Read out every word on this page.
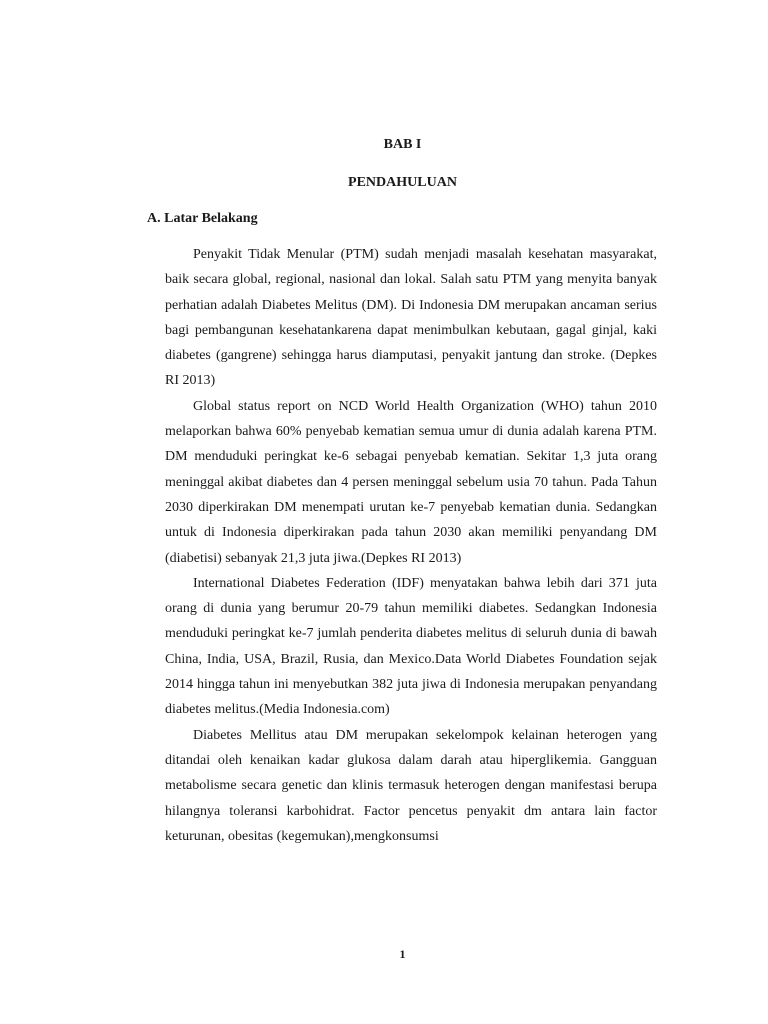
BAB I
PENDAHULUAN
A. Latar Belakang

Penyakit Tidak Menular (PTM) sudah menjadi masalah kesehatan masyarakat, baik secara global, regional, nasional dan lokal. Salah satu PTM yang menyita banyak perhatian adalah Diabetes Melitus (DM). Di Indonesia DM merupakan ancaman serius bagi pembangunan kesehatankarena dapat menimbulkan kebutaan, gagal ginjal, kaki diabetes (gangrene) sehingga harus diamputasi, penyakit jantung dan stroke. (Depkes RI 2013)

Global status report on NCD World Health Organization (WHO) tahun 2010 melaporkan bahwa 60% penyebab kematian semua umur di dunia adalah karena PTM. DM menduduki peringkat ke-6 sebagai penyebab kematian. Sekitar 1,3 juta orang meninggal akibat diabetes dan 4 persen meninggal sebelum usia 70 tahun. Pada Tahun 2030 diperkirakan DM menempati urutan ke-7 penyebab kematian dunia. Sedangkan untuk di Indonesia diperkirakan pada tahun 2030 akan memiliki penyandang DM (diabetisi) sebanyak 21,3 juta jiwa.(Depkes RI 2013)

International Diabetes Federation (IDF) menyatakan bahwa lebih dari 371 juta orang di dunia yang berumur 20-79 tahun memiliki diabetes. Sedangkan Indonesia menduduki peringkat ke-7 jumlah penderita diabetes melitus di seluruh dunia di bawah China, India, USA, Brazil, Rusia, dan Mexico.Data World Diabetes Foundation sejak 2014 hingga tahun ini menyebutkan 382 juta jiwa di Indonesia merupakan penyandang diabetes melitus.(Media Indonesia.com)

Diabetes Mellitus atau DM merupakan sekelompok kelainan heterogen yang ditandai oleh kenaikan kadar glukosa dalam darah atau hiperglikemia. Gangguan metabolisme secara genetic dan klinis termasuk heterogen dengan manifestasi berupa hilangnya toleransi karbohidrat. Factor pencetus penyakit dm antara lain factor keturunan, obesitas (kegemukan),mengkonsumsi

1
